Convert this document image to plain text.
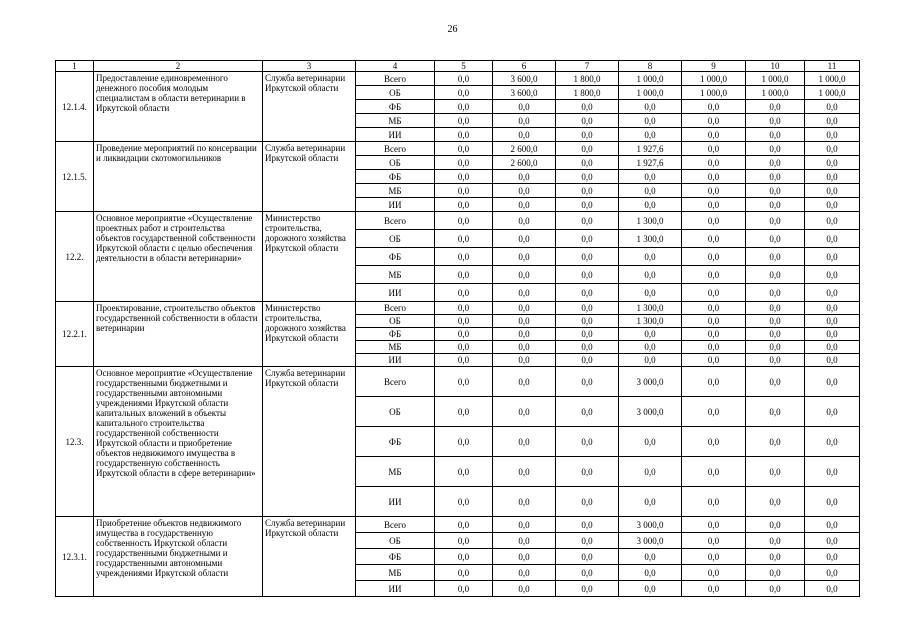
26
1	2	3	4	5	6	7	8	9	10	11
12.1.4.	Предоставление единовременного денежного пособия молодым специалистам в области ветеринарии в Иркутской области	Служба ветеринарии Иркутской области	Всего	0,0	3 600,0	1 800,0	1 000,0	1 000,0	1 000,0	1 000,0
			ОБ	0,0	3 600,0	1 800,0	1 000,0	1 000,0	1 000,0	1 000,0
			ФБ	0,0	0,0	0,0	0,0	0,0	0,0	0,0
			МБ	0,0	0,0	0,0	0,0	0,0	0,0	0,0
			ИИ	0,0	0,0	0,0	0,0	0,0	0,0	0,0
12.1.5.	Проведение мероприятий по консервации и ликвидации скотомогильников	Служба ветеринарии Иркутской области	Всего	0,0	2 600,0	0,0	1 927,6	0,0	0,0	0,0
			ОБ	0,0	2 600,0	0,0	1 927,6	0,0	0,0	0,0
			ФБ	0,0	0,0	0,0	0,0	0,0	0,0	0,0
			МБ	0,0	0,0	0,0	0,0	0,0	0,0	0,0
			ИИ	0,0	0,0	0,0	0,0	0,0	0,0	0,0
12.2.	Основное мероприятие «Осуществление проектных работ и строительства объектов государственной собственности Иркутской области с целью обеспечения деятельности в области ветеринарии»	Министерство строительства, дорожного хозяйства Иркутской области	Всего	0,0	0,0	0,0	1 300,0	0,0	0,0	0,0
			ОБ	0,0	0,0	0,0	1 300,0	0,0	0,0	0,0
			ФБ	0,0	0,0	0,0	0,0	0,0	0,0	0,0
			МБ	0,0	0,0	0,0	0,0	0,0	0,0	0,0
			ИИ	0,0	0,0	0,0	0,0	0,0	0,0	0,0
12.2.1.	Проектирование, строительство объектов государственной собственности в области ветеринарии	Министерство строительства, дорожного хозяйства Иркутской области	Всего	0,0	0,0	0,0	1 300,0	0,0	0,0	0,0
			ОБ	0,0	0,0	0,0	1 300,0	0,0	0,0	0,0
			ФБ	0,0	0,0	0,0	0,0	0,0	0,0	0,0
			МБ	0,0	0,0	0,0	0,0	0,0	0,0	0,0
			ИИ	0,0	0,0	0,0	0,0	0,0	0,0	0,0
12.3.	Основное мероприятие «Осуществление государственными бюджетными и государственными автономными учреждениями Иркутской области капитальных вложений в объекты капитального строительства государственной собственности Иркутской области и приобретение объектов недвижимого имущества в государственную собственность Иркутской области в сфере ветеринарии»	Служба ветеринарии Иркутской области	Всего	0,0	0,0	0,0	3 000,0	0,0	0,0	0,0
			ОБ	0,0	0,0	0,0	3 000,0	0,0	0,0	0,0
			ФБ	0,0	0,0	0,0	0,0	0,0	0,0	0,0
			МБ	0,0	0,0	0,0	0,0	0,0	0,0	0,0
			ИИ	0,0	0,0	0,0	0,0	0,0	0,0	0,0
12.3.1.	Приобретение объектов недвижимого имущества в государственную собственность Иркутской области государственными бюджетными и государственными автономными учреждениями Иркутской области	Служба ветеринарии Иркутской области	Всего	0,0	0,0	0,0	3 000,0	0,0	0,0	0,0
			ОБ	0,0	0,0	0,0	3 000,0	0,0	0,0	0,0
			ФБ	0,0	0,0	0,0	0,0	0,0	0,0	0,0
			МБ	0,0	0,0	0,0	0,0	0,0	0,0	0,0
			ИИ	0,0	0,0	0,0	0,0	0,0	0,0	0,0
